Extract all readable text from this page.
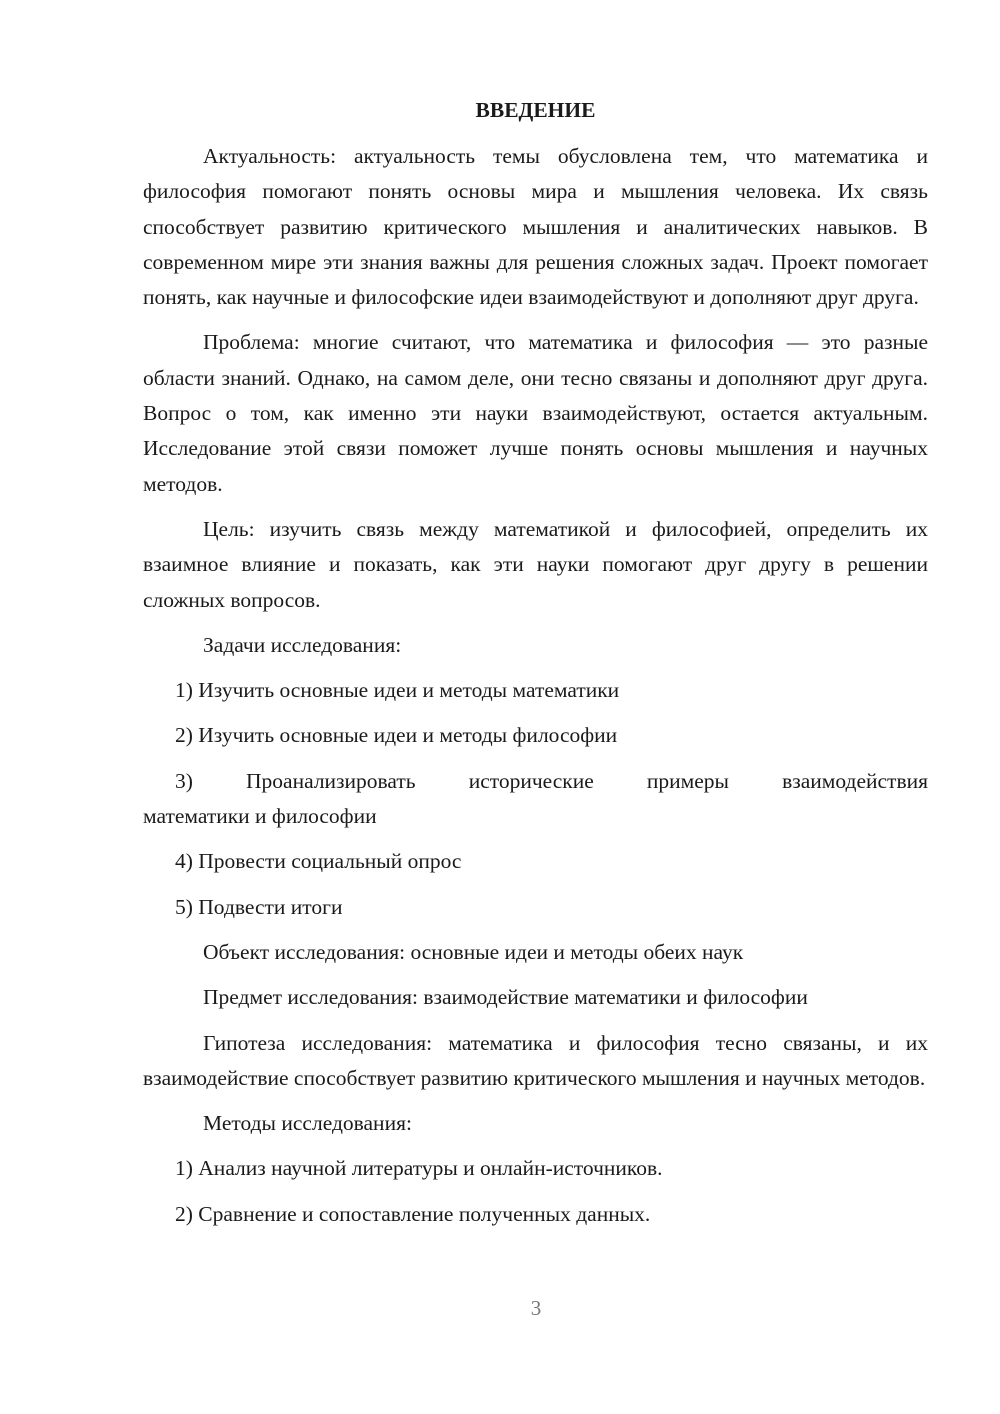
ВВЕДЕНИЕ

Актуальность: актуальность темы обусловлена тем, что математика и философия помогают понять основы мира и мышления человека. Их связь способствует развитию критического мышления и аналитических навыков. В современном мире эти знания важны для решения сложных задач. Проект помогает понять, как научные и философские идеи взаимодействуют и дополняют друг друга.

Проблема: многие считают, что математика и философия — это разные области знаний. Однако, на самом деле, они тесно связаны и дополняют друг друга. Вопрос о том, как именно эти науки взаимодействуют, остается актуальным. Исследование этой связи поможет лучше понять основы мышления и научных методов.

Цель: изучить связь между математикой и философией, определить их взаимное влияние и показать, как эти науки помогают друг другу в решении сложных вопросов.

Задачи исследования:

1) Изучить основные идеи и методы математики

2) Изучить основные идеи и методы философии

3) Проанализировать исторические примеры взаимодействия
математики и философии

4) Провести социальный опрос

5) Подвести итоги

Объект исследования: основные идеи и методы обеих наук

Предмет исследования: взаимодействие математики и философии

Гипотеза исследования: математика и философия тесно связаны, и их взаимодействие способствует развитию критического мышления и научных методов.

Методы исследования:

1) Анализ научной литературы и онлайн-источников.

2) Сравнение и сопоставление полученных данных.

3
